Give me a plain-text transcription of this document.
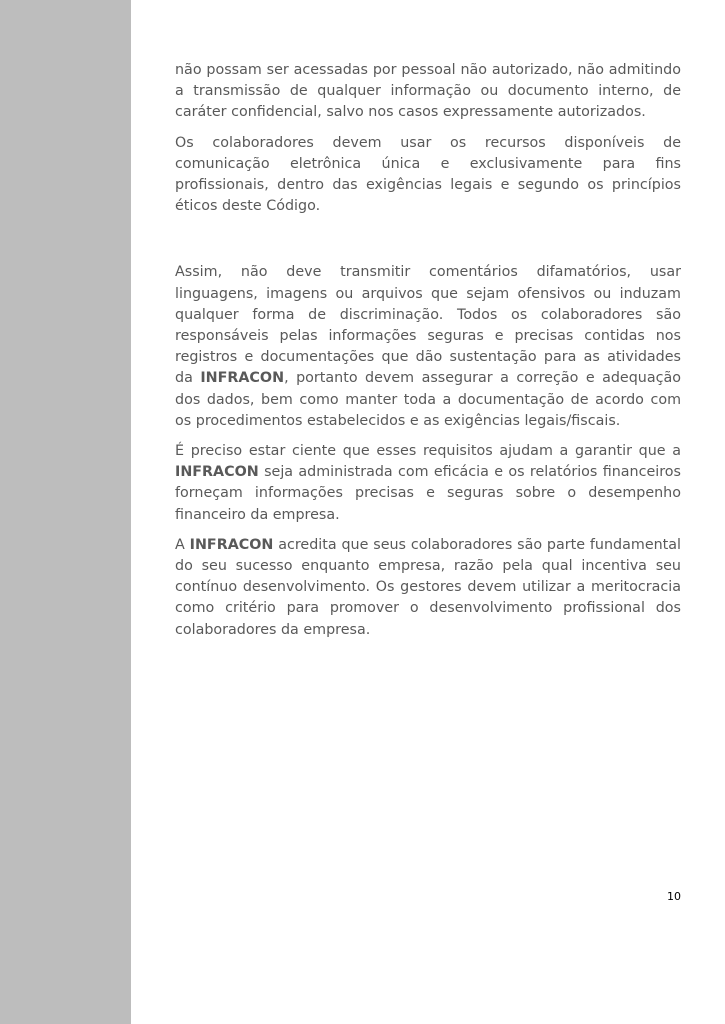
não possam ser acessadas por pessoal não autorizado, não admitindo a transmissão de qualquer informação ou documento interno, de caráter confidencial, salvo nos casos expressamente autorizados.

Os colaboradores devem usar os recursos disponíveis de comunicação eletrônica única e exclusivamente para fins profissionais, dentro das exigências legais e segundo os princípios éticos deste Código.

Assim, não deve transmitir comentários difamatórios, usar linguagens, imagens ou arquivos que sejam ofensivos ou induzam qualquer forma de discriminação. Todos os colaboradores são responsáveis pelas informações seguras e precisas contidas nos registros e documentações que dão sustentação para as atividades da INFRACON, portanto devem assegurar a correção e adequação dos dados, bem como manter toda a documentação de acordo com os procedimentos estabelecidos e as exigências legais/fiscais.

É preciso estar ciente que esses requisitos ajudam a garantir que a INFRACON seja administrada com eficácia e os relatórios financeiros forneçam informações precisas e seguras sobre o desempenho financeiro da empresa.

A INFRACON acredita que seus colaboradores são parte fundamental do seu sucesso enquanto empresa, razão pela qual incentiva seu contínuo desenvolvimento. Os gestores devem utilizar a meritocracia como critério para promover o desenvolvimento profissional dos colaboradores da empresa.

10
